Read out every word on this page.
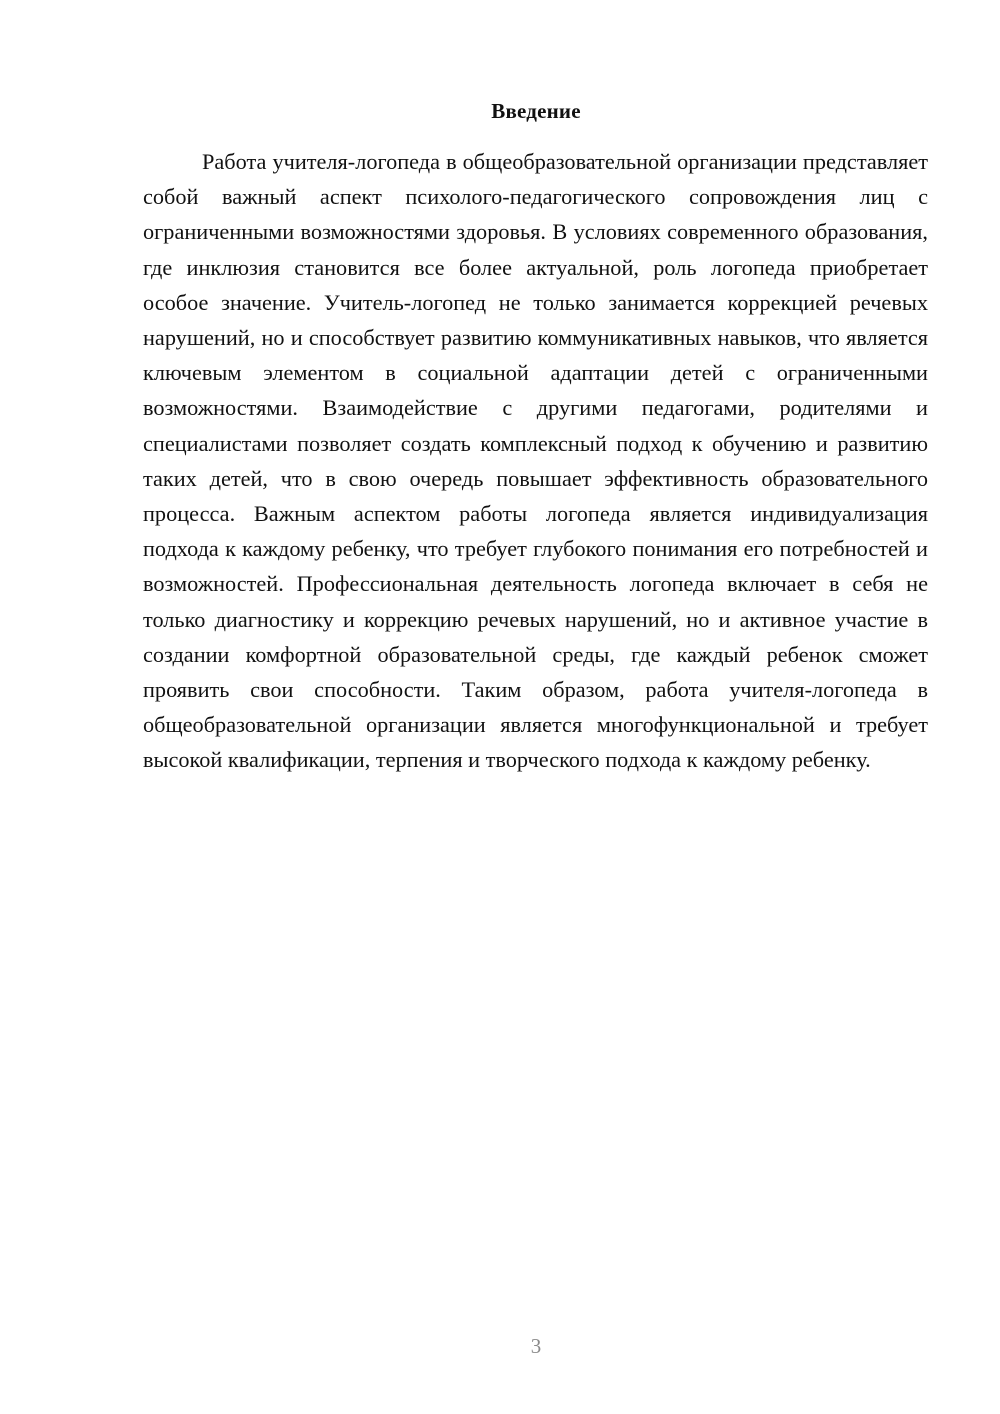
Введение

Работа учителя-логопеда в общеобразовательной организации представляет собой важный аспект психолого-педагогического сопровождения лиц с ограниченными возможностями здоровья. В условиях современного образования, где инклюзия становится все более актуальной, роль логопеда приобретает особое значение. Учитель-логопед не только занимается коррекцией речевых нарушений, но и способствует развитию коммуникативных навыков, что является ключевым элементом в социальной адаптации детей с ограниченными возможностями. Взаимодействие с другими педагогами, родителями и специалистами позволяет создать комплексный подход к обучению и развитию таких детей, что в свою очередь повышает эффективность образовательного процесса. Важным аспектом работы логопеда является индивидуализация подхода к каждому ребенку, что требует глубокого понимания его потребностей и возможностей. Профессиональная деятельность логопеда включает в себя не только диагностику и коррекцию речевых нарушений, но и активное участие в создании комфортной образовательной среды, где каждый ребенок сможет проявить свои способности. Таким образом, работа учителя-логопеда в общеобразовательной организации является многофункциональной и требует высокой квалификации, терпения и творческого подхода к каждому ребенку.

3
